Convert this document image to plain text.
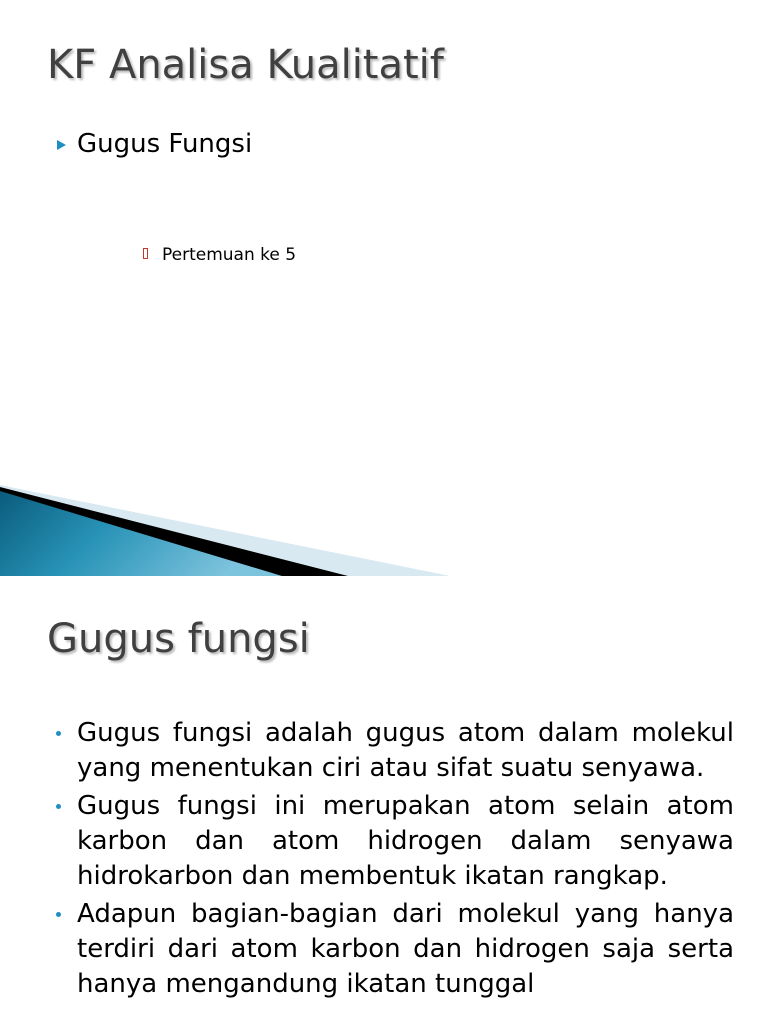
KF Analisa Kualitatif
Gugus Fungsi
Pertemuan ke 5
Gugus fungsi
Gugus fungsi adalah gugus atom dalam molekul yang menentukan ciri atau sifat suatu senyawa.
Gugus fungsi ini merupakan atom selain atom karbon dan atom hidrogen dalam senyawa hidrokarbon dan membentuk ikatan rangkap.
Adapun bagian-bagian dari molekul yang hanya terdiri dari atom karbon dan hidrogen saja serta hanya mengandung ikatan tunggal
